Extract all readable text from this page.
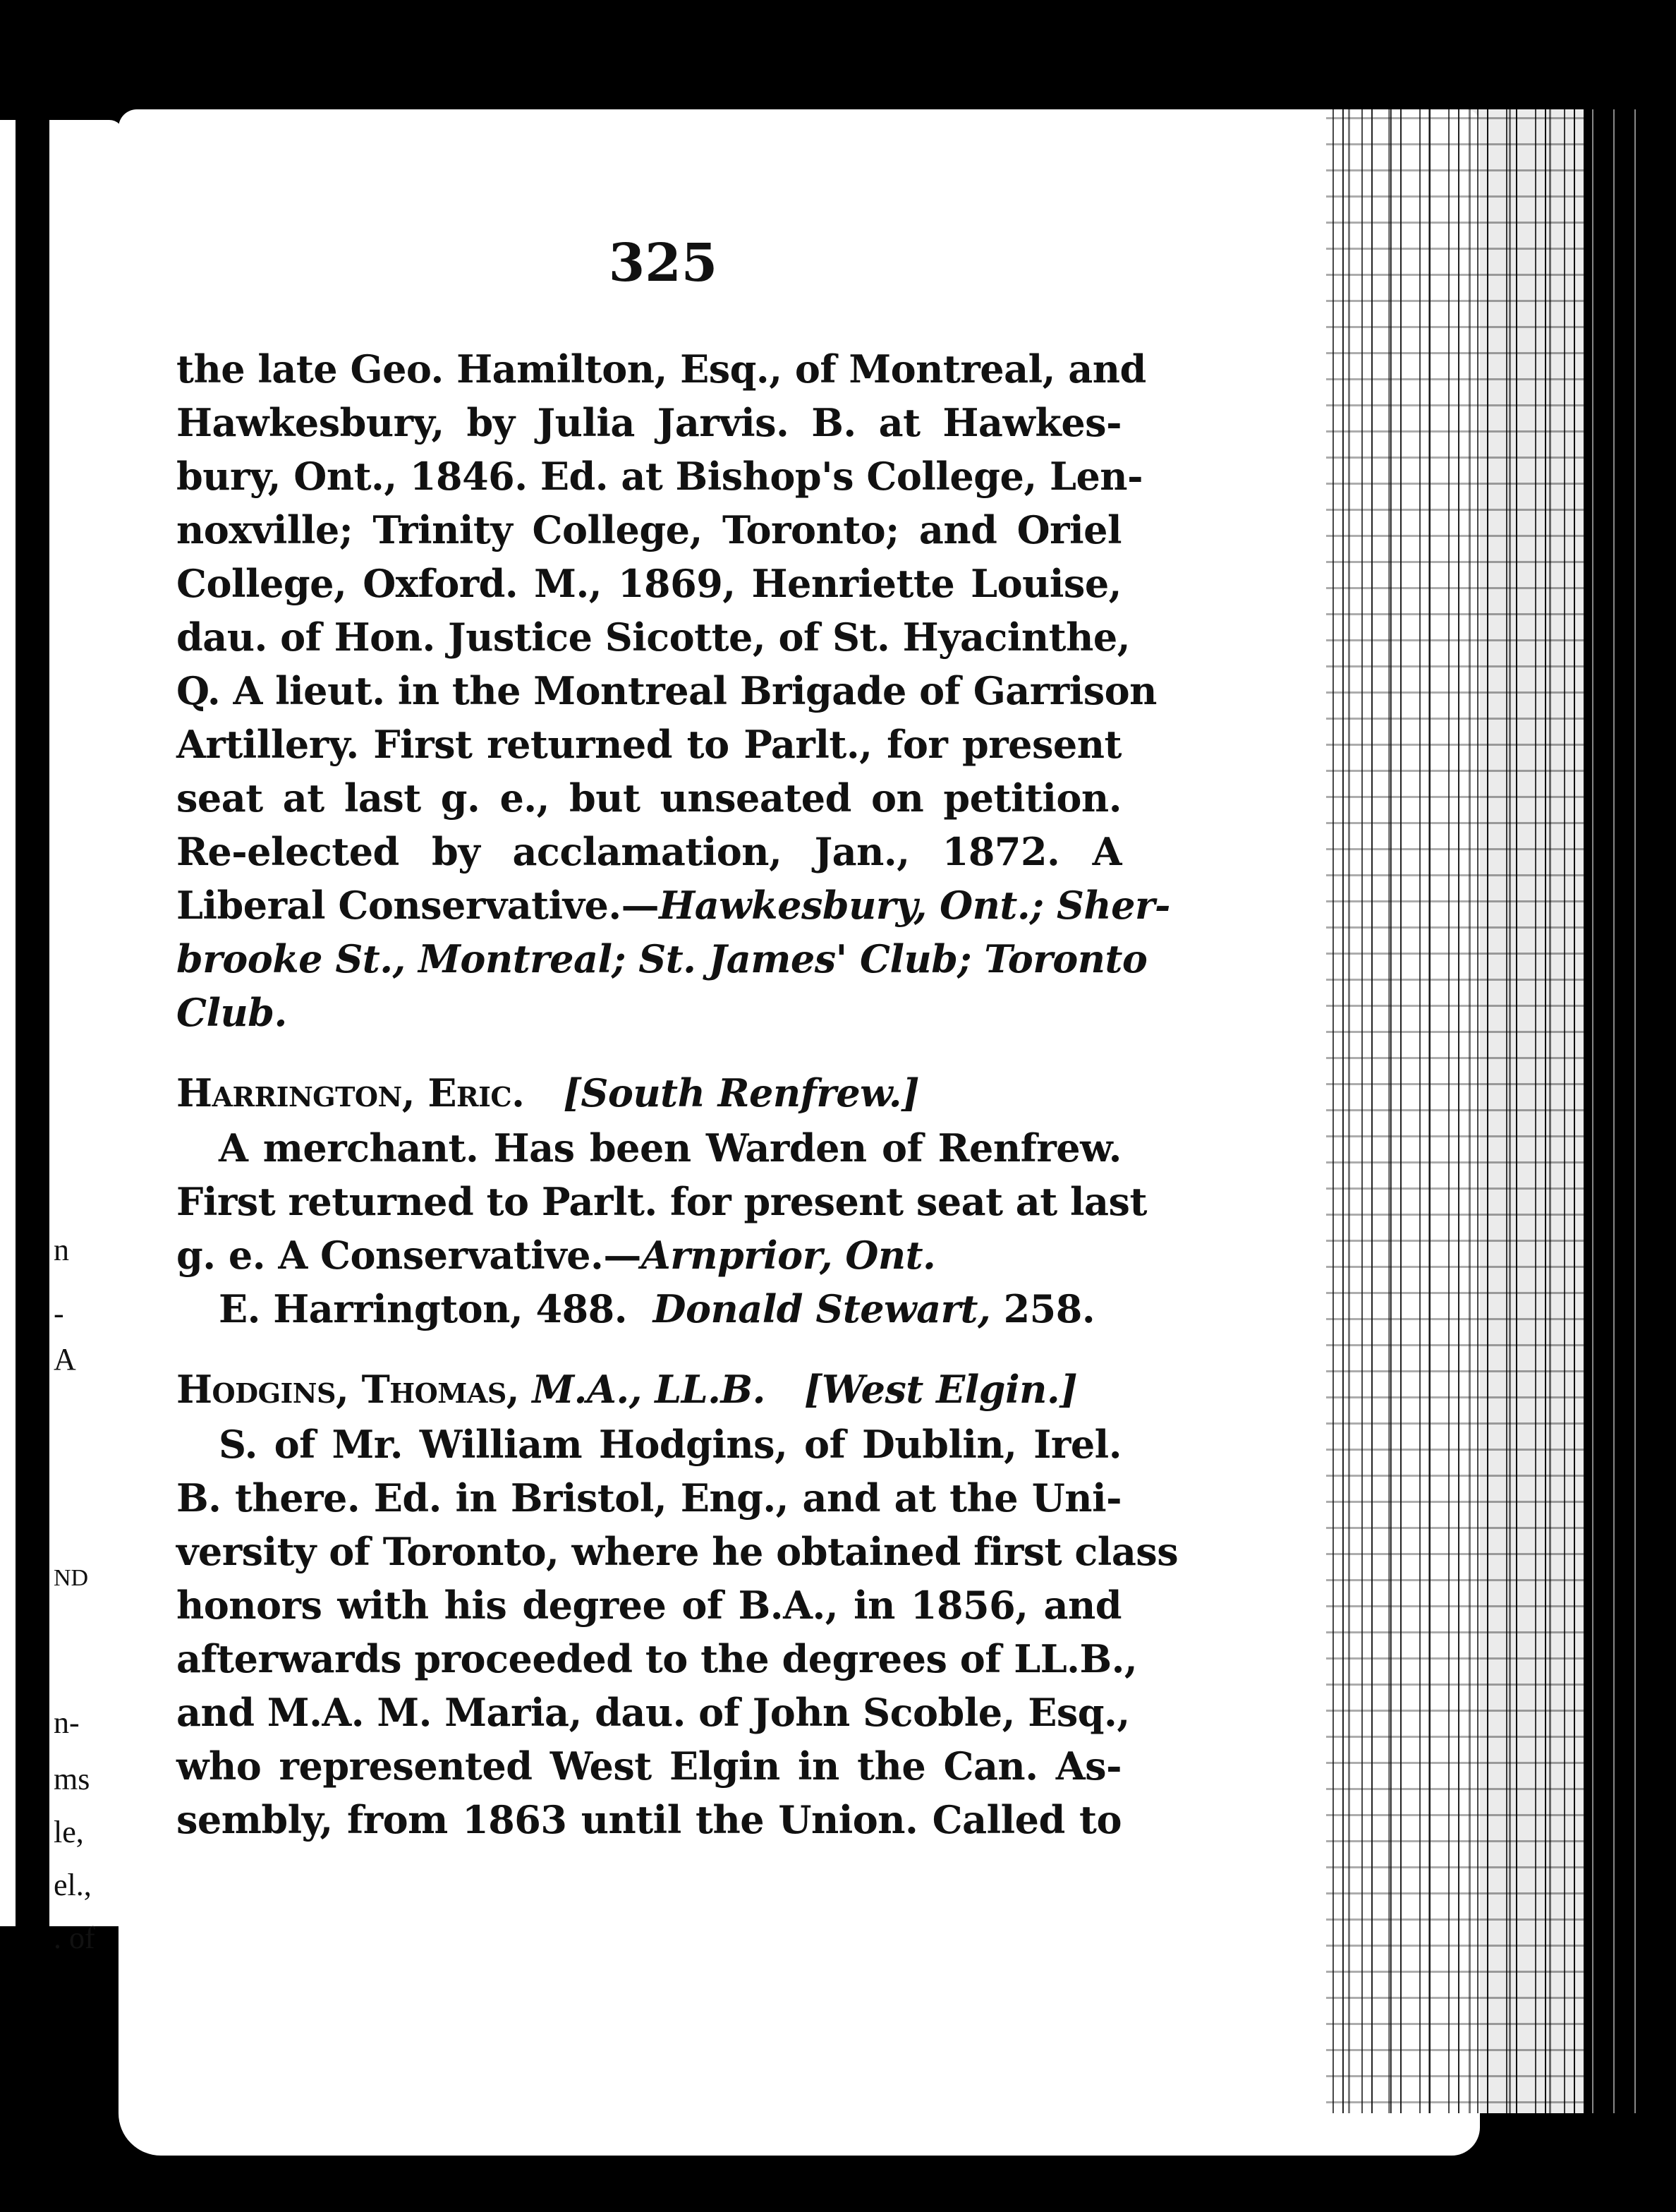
n
-
A
ND
n-
ms
le,
el.,
. of
325
the late Geo. Hamilton, Esq., of Montreal, and
Hawkesbury, by Julia Jarvis. B. at Hawkes-
bury, Ont., 1846. Ed. at Bishop's College, Len-
noxville; Trinity College, Toronto; and Oriel
College, Oxford. M., 1869, Henriette Louise,
dau. of Hon. Justice Sicotte, of St. Hyacinthe,
Q. A lieut. in the Montreal Brigade of Garrison
Artillery. First returned to Parlt., for present
seat at last g. e., but unseated on petition.
Re-elected by acclamation, Jan., 1872. A
Liberal Conservative.—Hawkesbury, Ont.; Sher-
brooke St., Montreal; St. James' Club; Toronto
Club.
Harrington, Eric. [South Renfrew.]
A merchant. Has been Warden of Renfrew.
First returned to Parlt. for present seat at last
g. e. A Conservative.—Arnprior, Ont.
E. Harrington, 488. Donald Stewart, 258.
Hodgins, Thomas, M.A., LL.B. [West Elgin.]
S. of Mr. William Hodgins, of Dublin, Irel.
B. there. Ed. in Bristol, Eng., and at the Uni-
versity of Toronto, where he obtained first class
honors with his degree of B.A., in 1856, and
afterwards proceeded to the degrees of LL.B.,
and M.A. M. Maria, dau. of John Scoble, Esq.,
who represented West Elgin in the Can. As-
sembly, from 1863 until the Union. Called to
